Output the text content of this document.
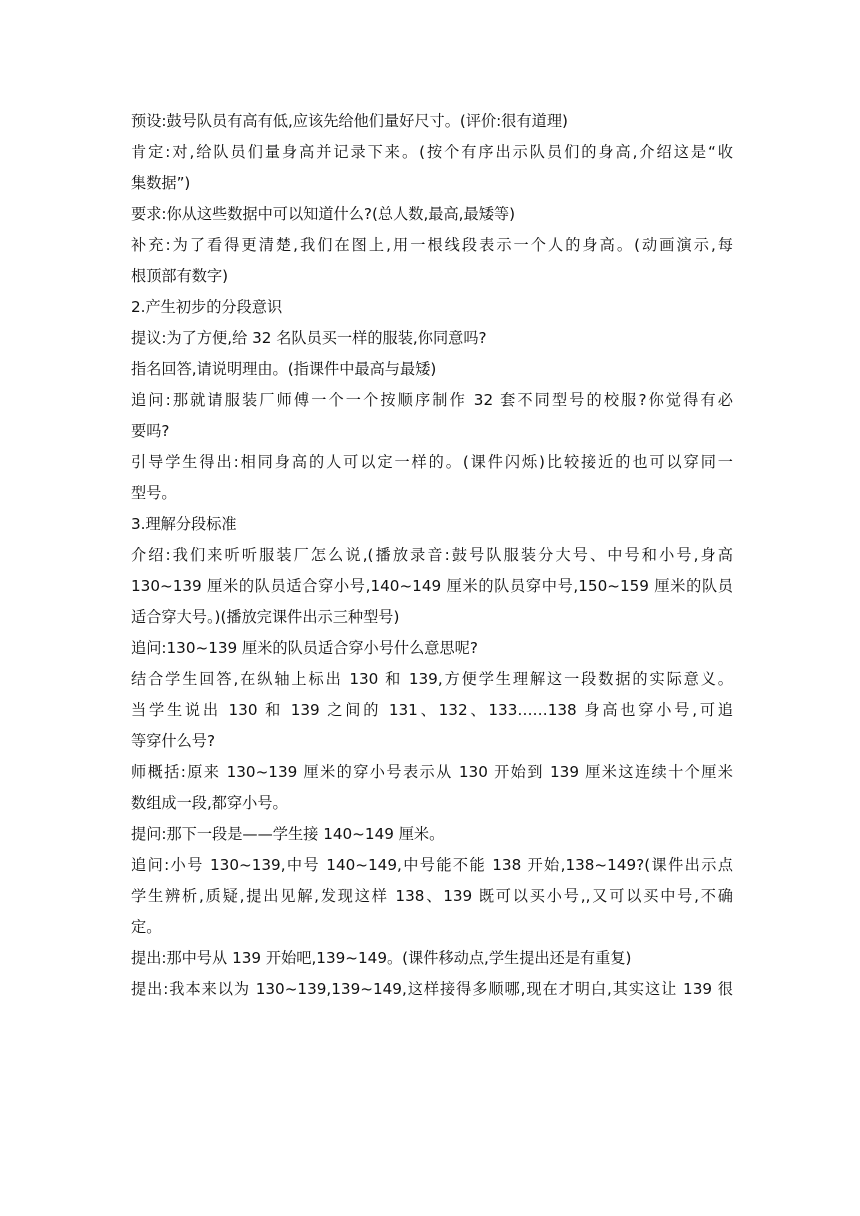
预设:鼓号队员有高有低,应该先给他们量好尺寸。(评价:很有道理)
肯定:对,给队员们量身高并记录下来。(按个有序出示队员们的身高,介绍这是“收
集数据”)
要求:你从这些数据中可以知道什么?(总人数,最高,最矮等)
补充:为了看得更清楚,我们在图上,用一根线段表示一个人的身高。(动画演示,每
根顶部有数字)
2.产生初步的分段意识
提议:为了方便,给 32 名队员买一样的服装,你同意吗?
指名回答,请说明理由。(指课件中最高与最矮)
追问:那就请服装厂师傅一个一个按顺序制作 32 套不同型号的校服?你觉得有必
要吗?
引导学生得出:相同身高的人可以定一样的。(课件闪烁)比较接近的也可以穿同一
型号。
3.理解分段标准
介绍:我们来听听服装厂怎么说,(播放录音:鼓号队服装分大号、中号和小号,身高
130~139 厘米的队员适合穿小号,140~149 厘米的队员穿中号,150~159 厘米的队员
适合穿大号。)(播放完课件出示三种型号)
追问:130~139 厘米的队员适合穿小号什么意思呢?
结合学生回答,在纵轴上标出 130 和 139,方便学生理解这一段数据的实际意义。
当学生说出 130 和 139 之间的 131、132、133……138 身高也穿小号,可追
等穿什么号?
师概括:原来 130~139 厘米的穿小号表示从 130 开始到 139 厘米这连续十个厘米
数组成一段,都穿小号。
提问:那下一段是——学生接 140~149 厘米。
追问:小号 130~139,中号 140~149,中号能不能 138 开始,138~149?(课件出示点
学生辨析,质疑,提出见解,发现这样 138、139 既可以买小号,,又可以买中号,不确
定。
提出:那中号从 139 开始吧,139~149。(课件移动点,学生提出还是有重复)
提出:我本来以为 130~139,139~149,这样接得多顺哪,现在才明白,其实这让 139 很
